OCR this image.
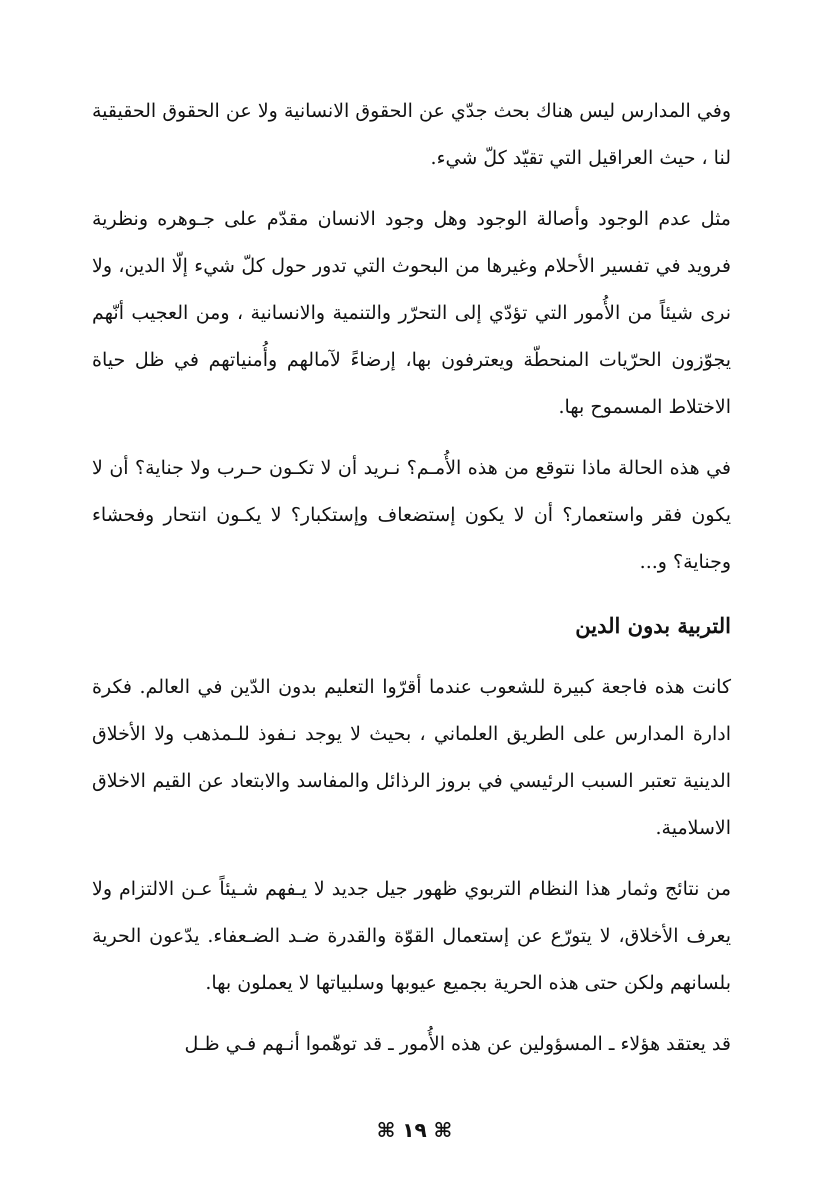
وفي المدارس ليس هناك بحث جدّي عن الحقوق الانسانية ولا عن الحقوق الحقيقية لنا ، حيث العراقيل التي تقيّد كلّ شيء.

مثل عدم الوجود وأصالة الوجود وهل وجود الانسان مقدّم على جـوهره ونظرية فرويد في تفسير الأحلام وغيرها من البحوث التي تدور حول كلّ شيء إلّا الدين، ولا نرى شيئاً من الأُمور التي تؤدّي إلى التحرّر والتنمية والانسانية ، ومن العجيب أنّهم يجوّزون الحرّيات المنحطّة ويعترفون بها، إرضاءً لآمالهم وأُمنياتهم في ظل حياة الاختلاط المسموح بها.

في هذه الحالة ماذا نتوقع من هذه الأُمـم؟ نـريد أن لا تكـون حـرب ولا جناية؟ أن لا يكون فقر واستعمار؟ أن لا يكون إستضعاف وإستكبار؟ لا يكـون انتحار وفحشاء وجناية؟ و...

التربية بدون الدين

كانت هذه فاجعة كبيرة للشعوب عندما أقرّوا التعليم بدون الدّين في العالم. فكرة ادارة المدارس على الطريق العلماني ، بحيث لا يوجد نـفوذ للـمذهب ولا الأخلاق الدينية تعتبر السبب الرئيسي في بروز الرذائل والمفاسد والابتعاد عن القيم الاخلاق الاسلامية.

من نتائج وثمار هذا النظام التربوي ظهور جيل جديد لا يـفهم شـيئاً عـن الالتزام ولا يعرف الأخلاق، لا يتورّع عن إستعمال القوّة والقدرة ضـد الضـعفاء. يدّعون الحرية بلسانهم ولكن حتى هذه الحرية بجميع عيوبها وسلبياتها لا يعملون بها.

قد يعتقد هؤلاء ـ المسؤولين عن هذه الأُمور ـ قد توهّموا أنـهم فـي ظـل

⌘ ١٩ ⌘
